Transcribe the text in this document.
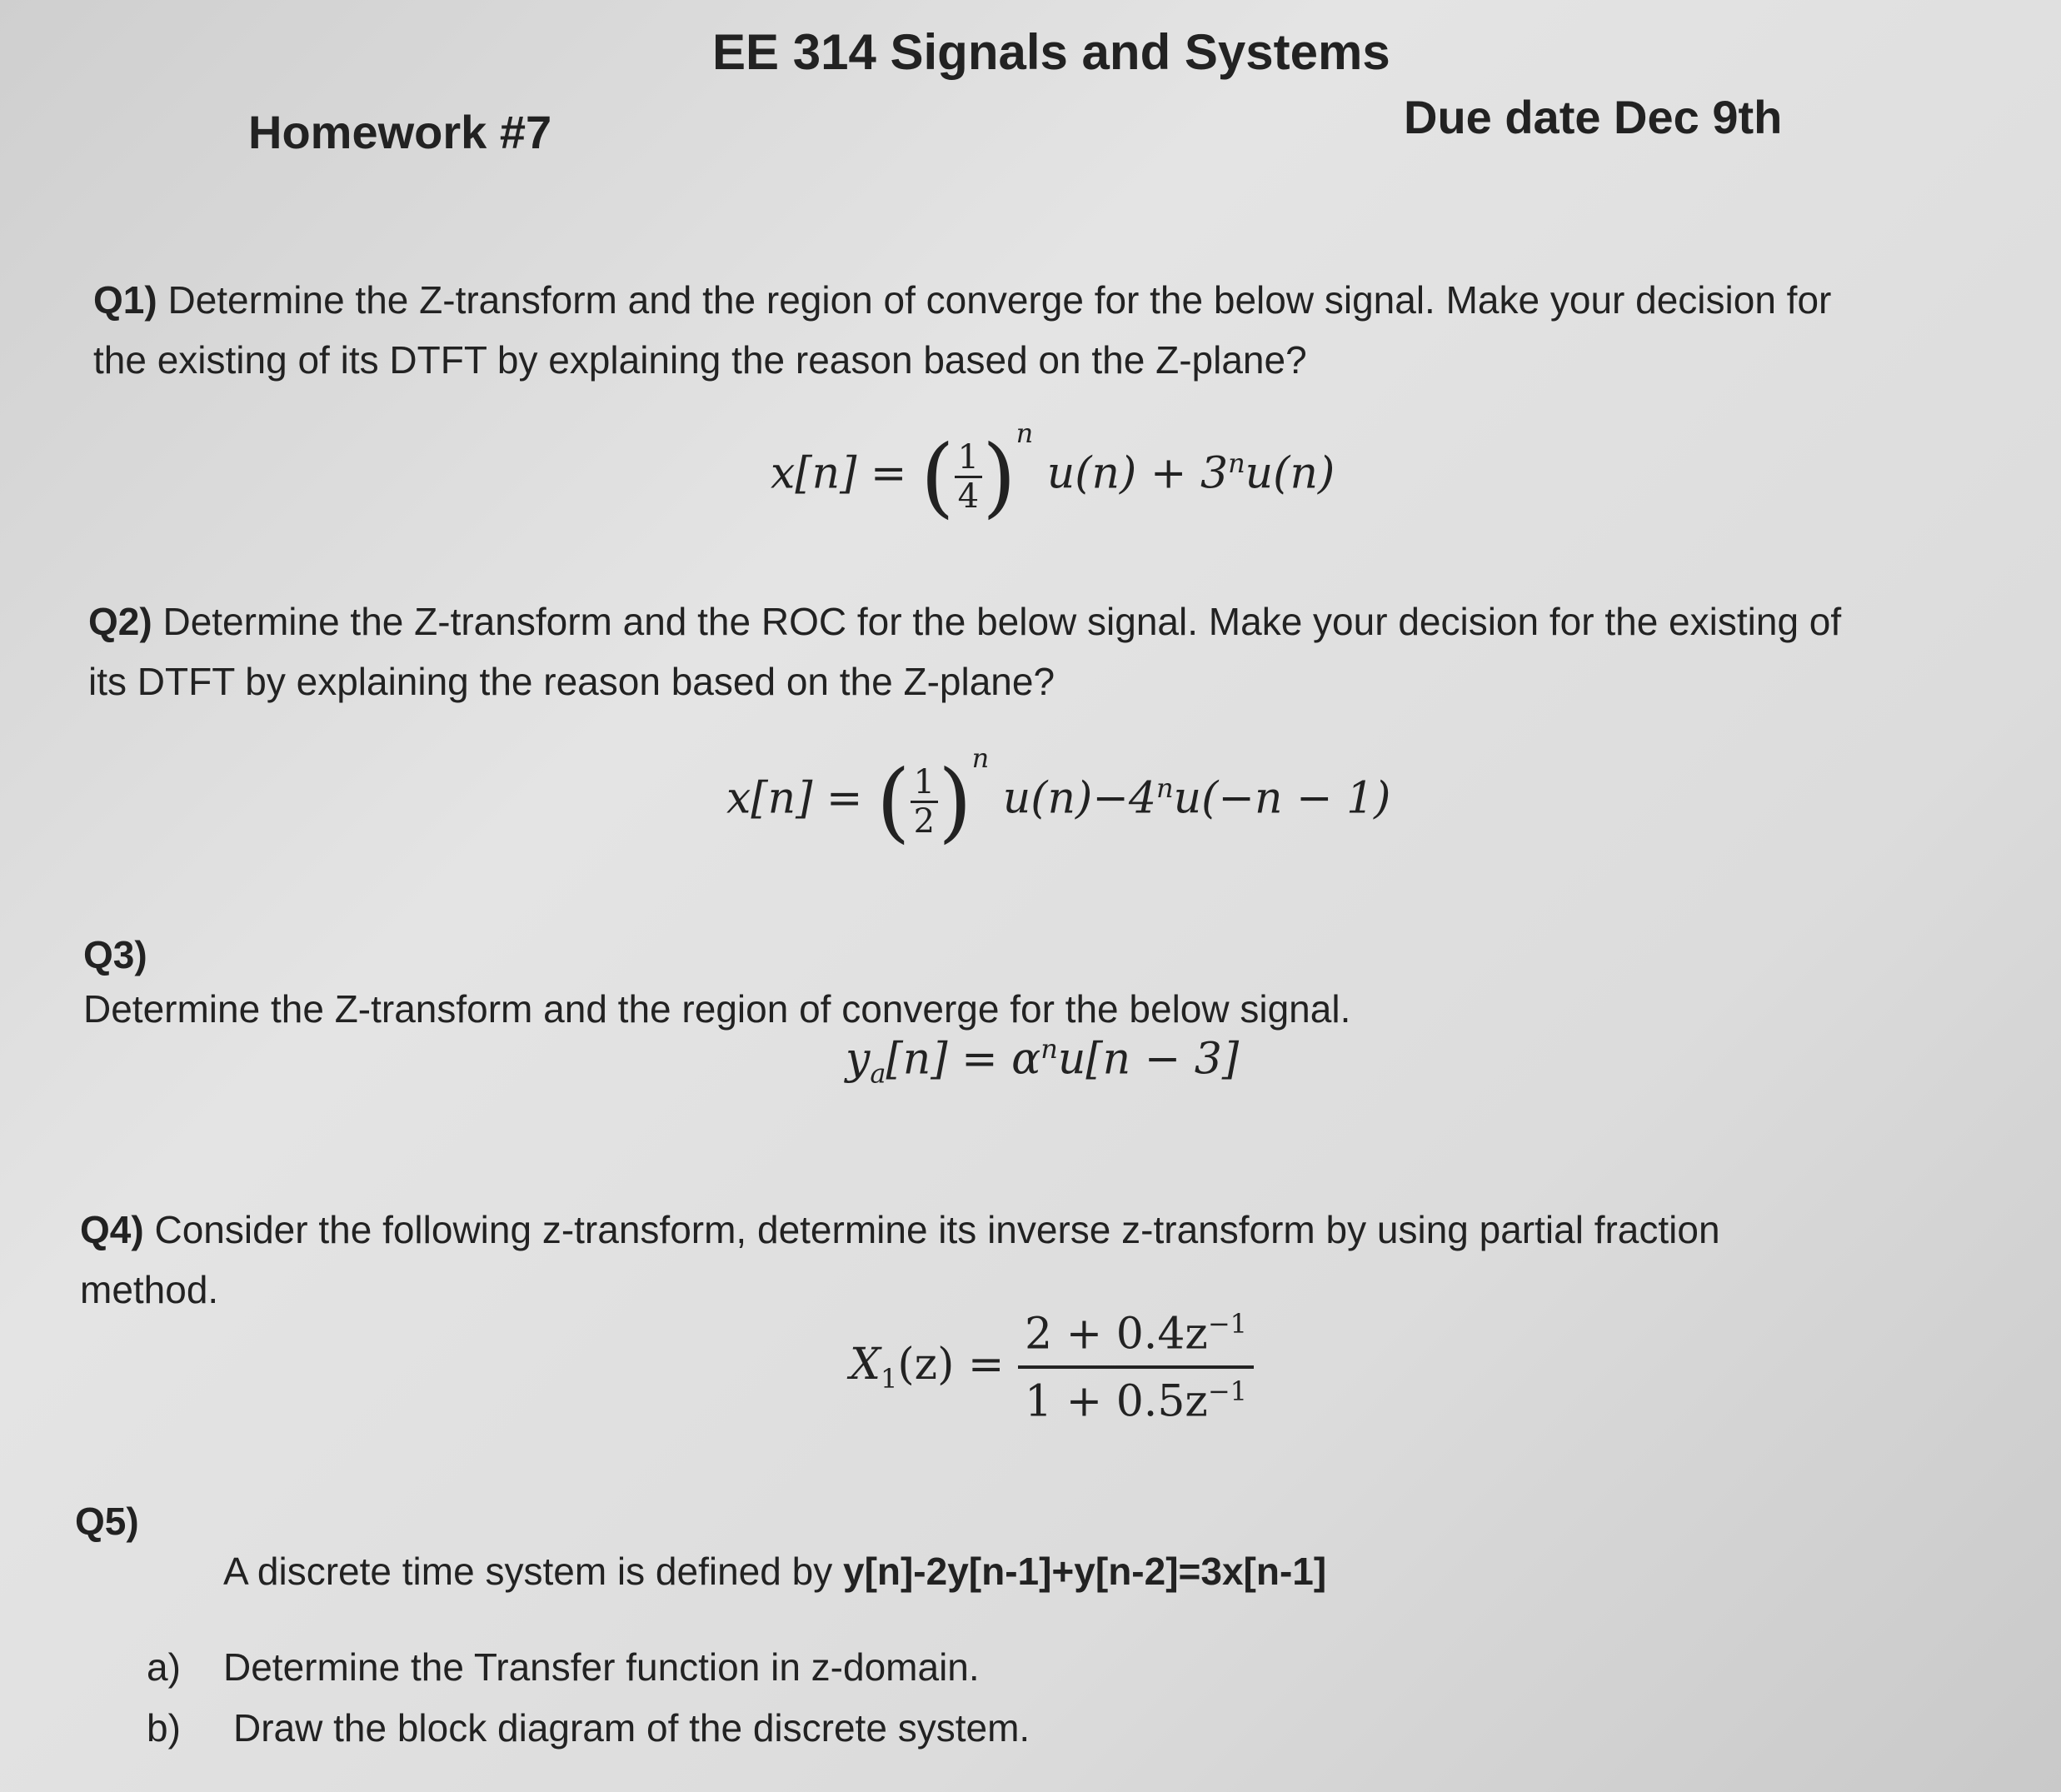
EE 314 Signals and Systems
Homework #7	Due date Dec 9th
Q1) Determine the Z-transform and the region of converge for the below signal. Make your decision for
the existing of its DTFT by explaining the reason based on the Z-plane?
x[n] = ( $\frac{1}{4} )^n$ $u(n) + 3^nu(n)$
Q2) Determine the Z-transform and the ROC for the below signal. Make your decision for the existing of
its DTFT by explaining the reason based on the Z-plane?
x[n] = ( $\frac{1}{2} )^n$ $u(n)-4^nu(-n - 1)$
Q3)
Determine the Z-transform and the region of converge for the below signal.
$y_a[n] = \alpha^nu[n - 3]$
Q4) Consider the following z-transform, determine its inverse z-transform by using partial fraction
method.
$X_1(z) = \frac{2 + 0.4z^{-1}}{1 + 0.5z^{-1}}$
Q5)
A discrete time system is defined by y[n]-2y[n-1]+y[n-2]=3x[n-1]
a) Determine the Transfer function in z-domain.
b) Draw the block diagram of the discrete system.
